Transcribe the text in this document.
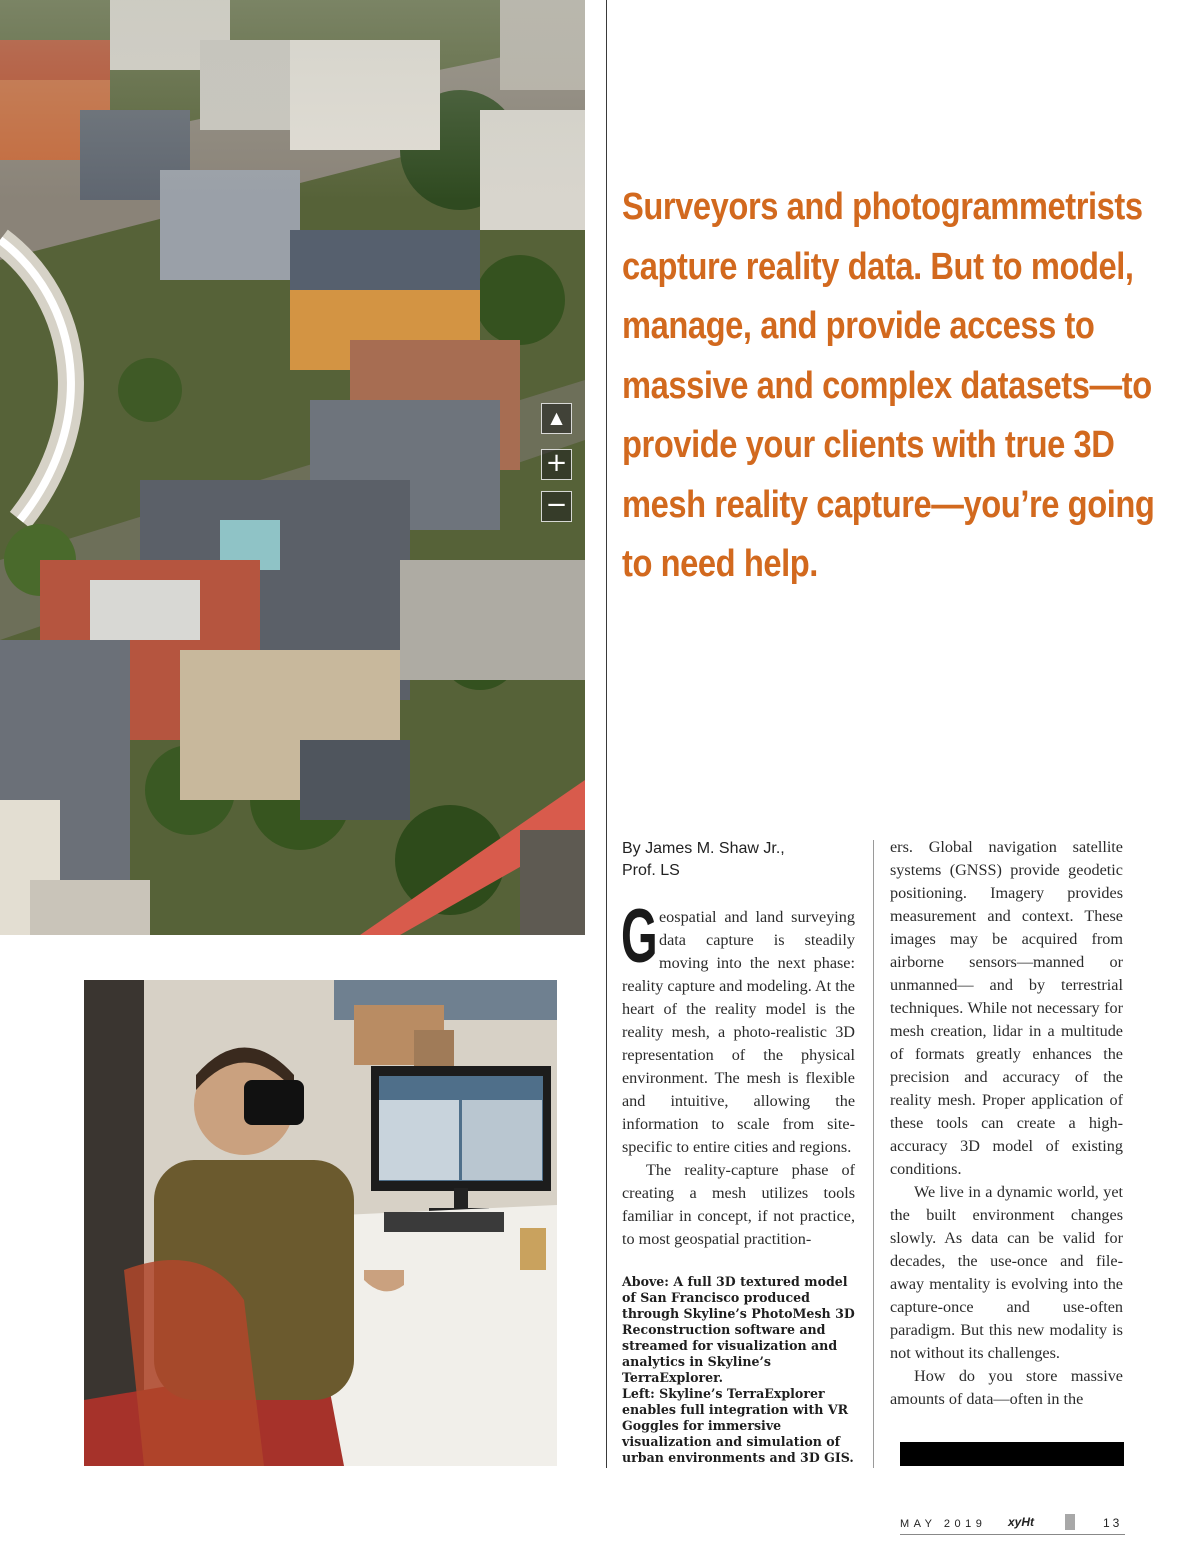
▲
+
−
Surveyors and photogrammetrists capture reality data. But to model, manage, and provide access to massive and complex datasets—to provide your clients with true 3D mesh reality capture—you’re going to need help.
By James M. Shaw Jr.,
Prof. LS

Geospatial and land surveying data capture is steadily moving into the next phase: reality capture and modeling. At the heart of the reality model is the reality mesh, a photo-realistic 3D representation of the physical environment. The mesh is flexible and intuitive, allowing the information to scale from site-specific to entire cities and regions.

The reality-capture phase of creating a mesh utilizes tools familiar in concept, if not practice, to most geospatial practition-

ers. Global navigation satellite systems (GNSS) provide geodetic positioning. Imagery provides measurement and context. These images may be acquired from airborne sensors—manned or unmanned— and by terrestrial techniques. While not necessary for mesh creation, lidar in a multitude of formats greatly enhances the precision and accuracy of the reality mesh. Proper application of these tools can create a high-accuracy 3D model of existing conditions.

We live in a dynamic world, yet the built environment changes slowly. As data can be valid for decades, the use-once and file-away mentality is evolving into the capture-once and use-often paradigm. But this new modality is not without its challenges.

How do you store massive amounts of data—often in the

Above: A full 3D textured model of San Francisco produced through Skyline’s PhotoMesh 3D Reconstruction software and streamed for visualization and analytics in Skyline’s TerraExplorer.
Left: Skyline’s TerraExplorer enables full integration with VR Goggles for immersive visualization and simulation of urban environments and 3D GIS.
MAY 2019 xyHt	13
